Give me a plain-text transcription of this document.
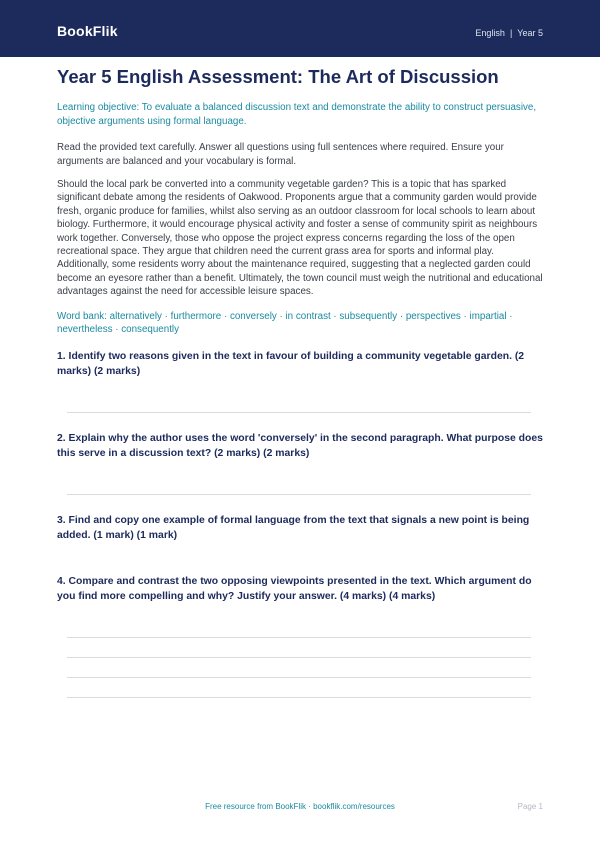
BookFlik	English | Year 5
Year 5 English Assessment: The Art of Discussion

Learning objective: To evaluate a balanced discussion text and demonstrate the ability to construct persuasive, objective arguments using formal language.

Read the provided text carefully. Answer all questions using full sentences where required. Ensure your arguments are balanced and your vocabulary is formal.

Should the local park be converted into a community vegetable garden? This is a topic that has sparked significant debate among the residents of Oakwood. Proponents argue that a community garden would provide fresh, organic produce for families, whilst also serving as an outdoor classroom for local schools to learn about biology. Furthermore, it would encourage physical activity and foster a sense of community spirit as neighbours work together. Conversely, those who oppose the project express concerns regarding the loss of the open recreational space. They argue that children need the current grass area for sports and informal play. Additionally, some residents worry about the maintenance required, suggesting that a neglected garden could become an eyesore rather than a benefit. Ultimately, the town council must weigh the nutritional and educational advantages against the need for accessible leisure spaces.

Word bank: alternatively · furthermore · conversely · in contrast · subsequently · perspectives · impartial · nevertheless · consequently

1. Identify two reasons given in the text in favour of building a community vegetable garden. (2 marks) (2 marks)

2. Explain why the author uses the word 'conversely' in the second paragraph. What purpose does this serve in a discussion text? (2 marks) (2 marks)

3. Find and copy one example of formal language from the text that signals a new point is being added. (1 mark) (1 mark)

4. Compare and contrast the two opposing viewpoints presented in the text. Which argument do you find more compelling and why? Justify your answer. (4 marks) (4 marks)

Free resource from BookFlik · bookflik.com/resources	Page 1
